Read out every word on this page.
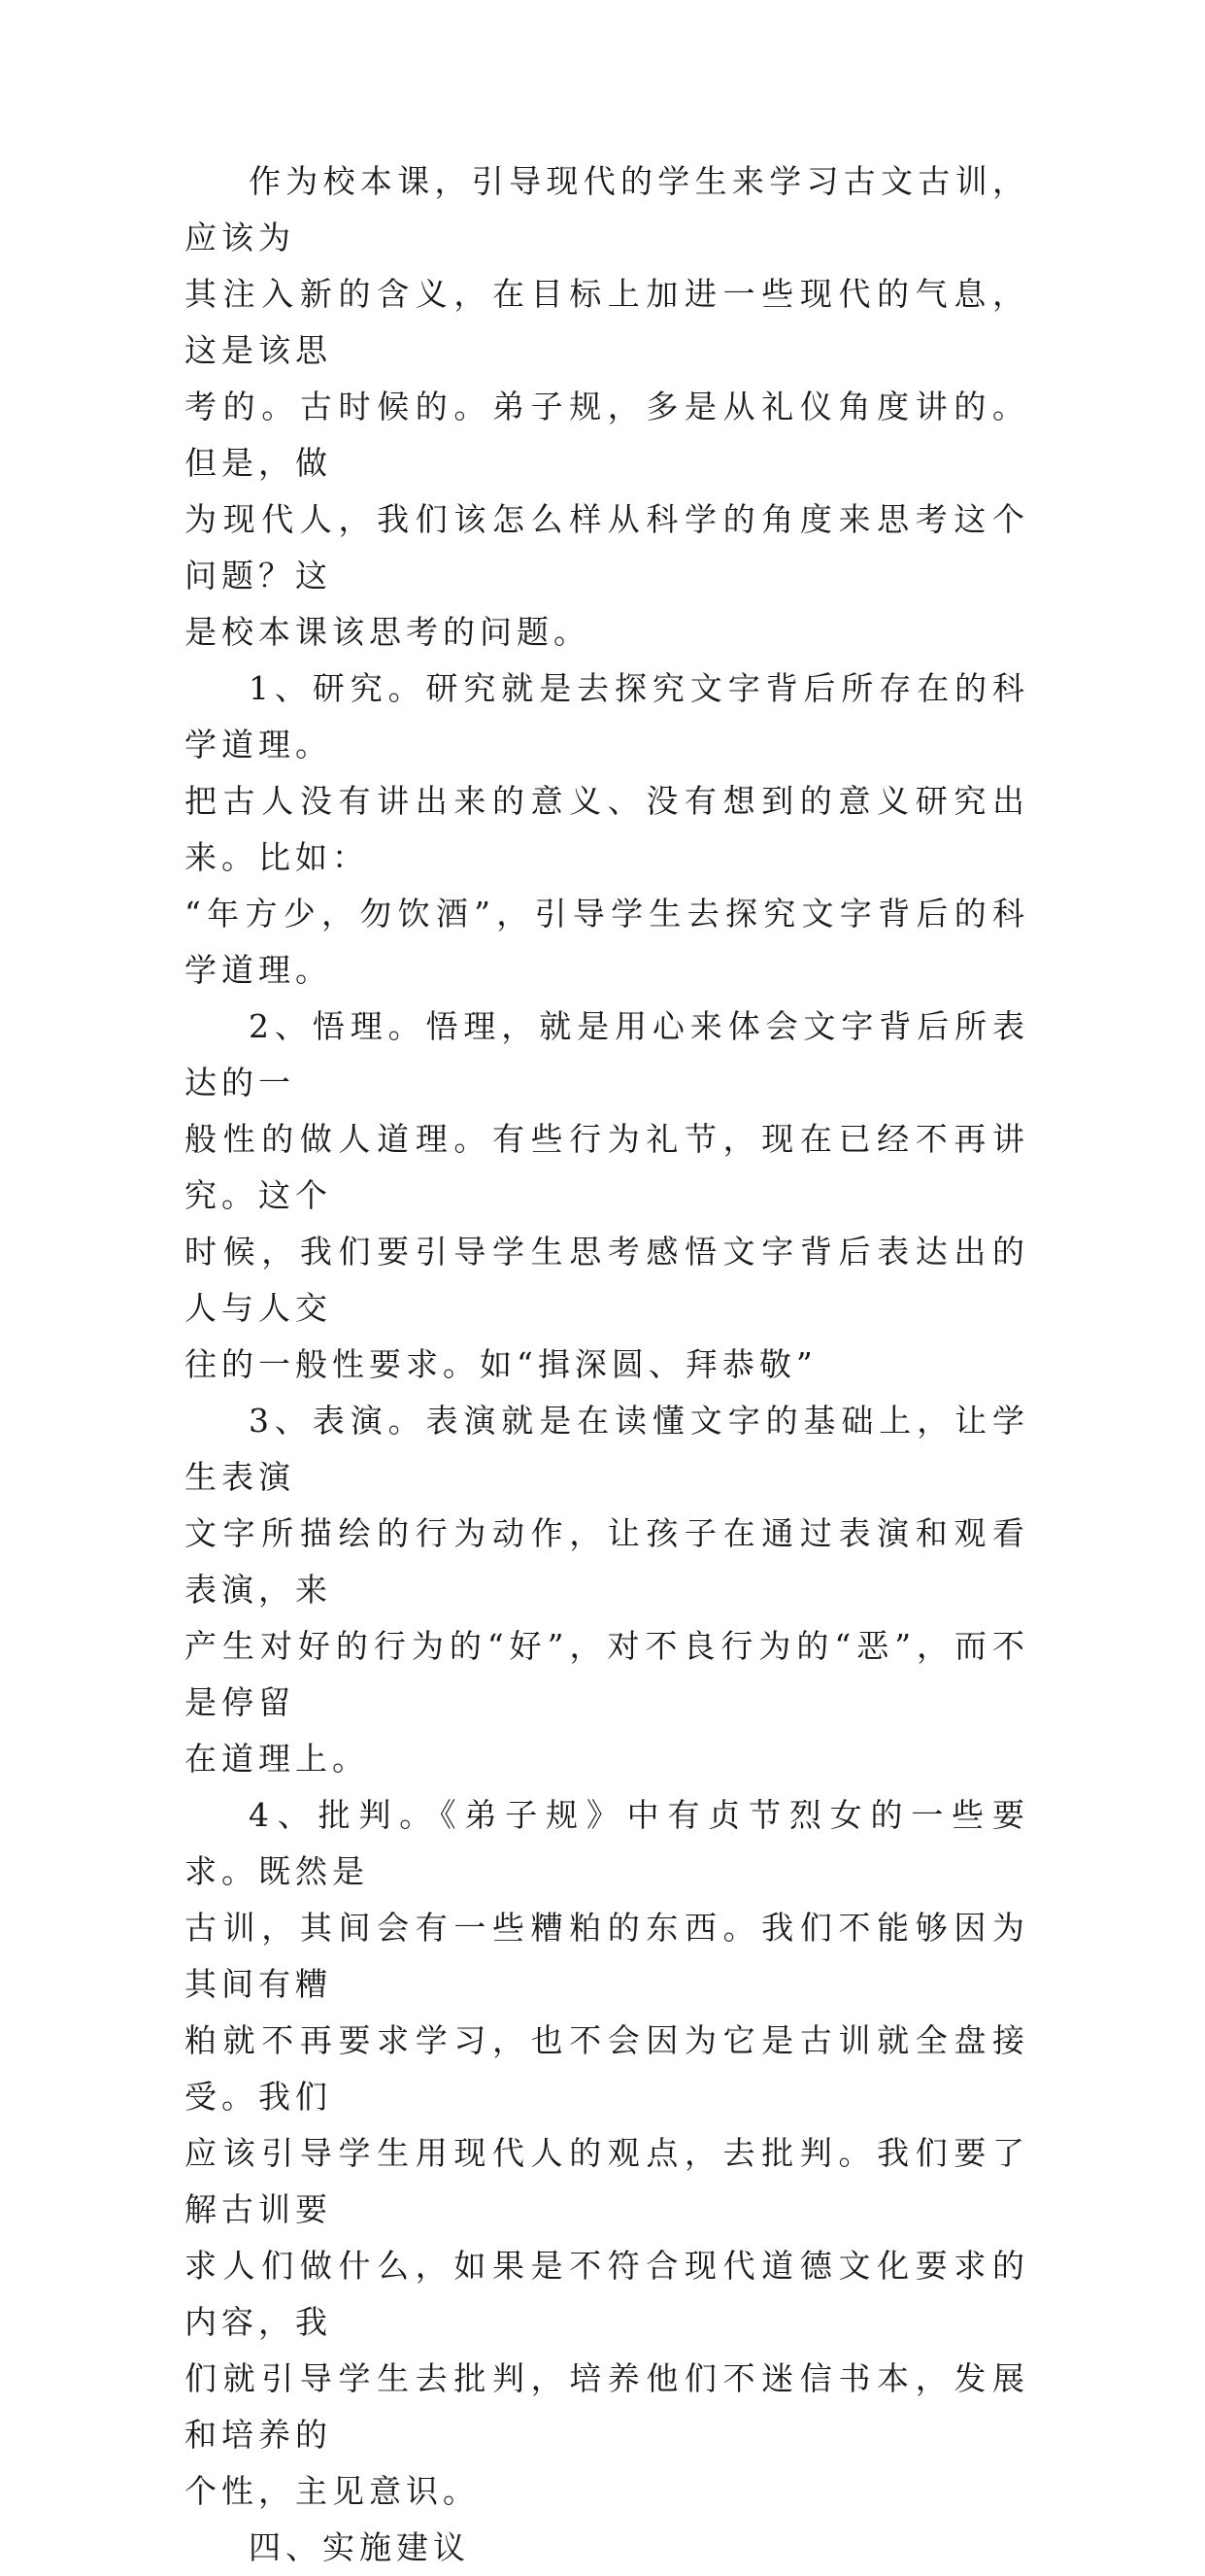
作为校本课，引导现代的学生来学习古文古训，应该为
其注入新的含义，在目标上加进一些现代的气息，这是该思
考的。古时候的。弟子规，多是从礼仪角度讲的。但是，做
为现代人，我们该怎么样从科学的角度来思考这个问题？这
是校本课该思考的问题。

1、研究。研究就是去探究文字背后所存在的科学道理。
把古人没有讲出来的意义、没有想到的意义研究出来。比如：
“年方少，勿饮酒”，引导学生去探究文字背后的科学道理。

2、悟理。悟理，就是用心来体会文字背后所表达的一
般性的做人道理。有些行为礼节，现在已经不再讲究。这个
时候，我们要引导学生思考感悟文字背后表达出的人与人交
往的一般性要求。如“揖深圆、拜恭敬”

3、表演。表演就是在读懂文字的基础上，让学生表演
文字所描绘的行为动作，让孩子在通过表演和观看表演，来
产生对好的行为的“好”，对不良行为的“恶”，而不是停留
在道理上。

4、批判。《弟子规》中有贞节烈女的一些要求。既然是
古训，其间会有一些糟粕的东西。我们不能够因为其间有糟
粕就不再要求学习，也不会因为它是古训就全盘接受。我们
应该引导学生用现代人的观点，去批判。我们要了解古训要
求人们做什么，如果是不符合现代道德文化要求的内容，我
们就引导学生去批判，培养他们不迷信书本，发展和培养的
个性，主见意识。

四、实施建议
